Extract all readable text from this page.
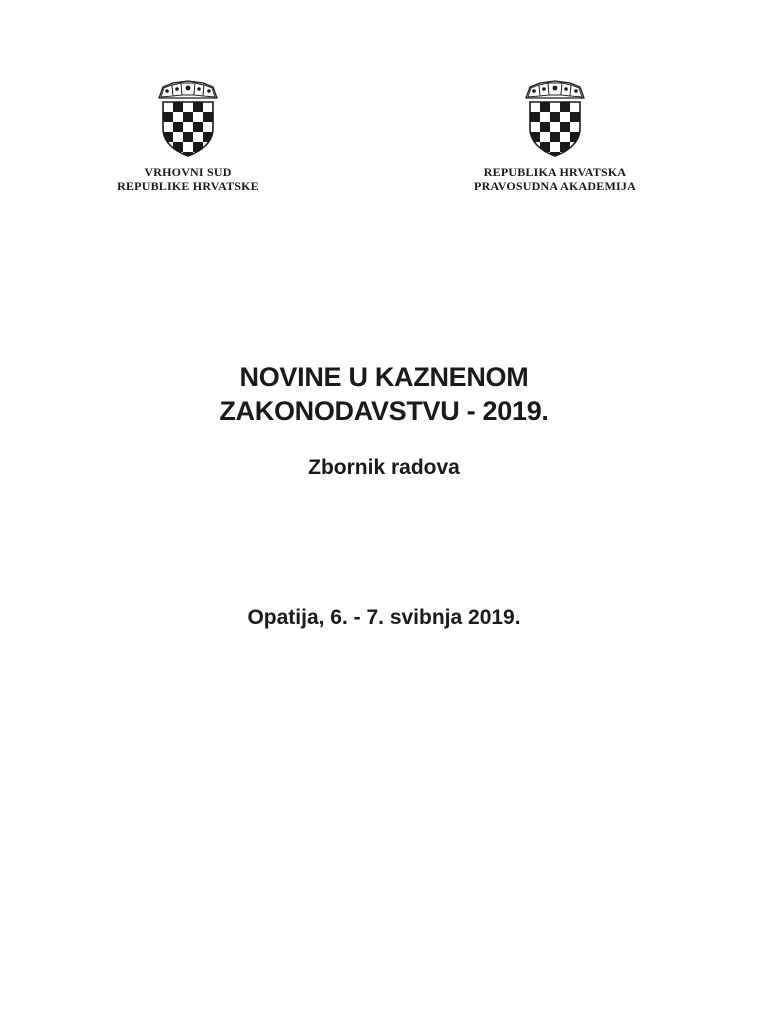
VRHOVNI SUD
REPUBLIKE HRVATSKE
REPUBLIKA HRVATSKA
PRAVOSUDNA AKADEMIJA
NOVINE U KAZNENOM
ZAKONODAVSTVU - 2019.
Zbornik radova
Opatija, 6. - 7. svibnja 2019.
